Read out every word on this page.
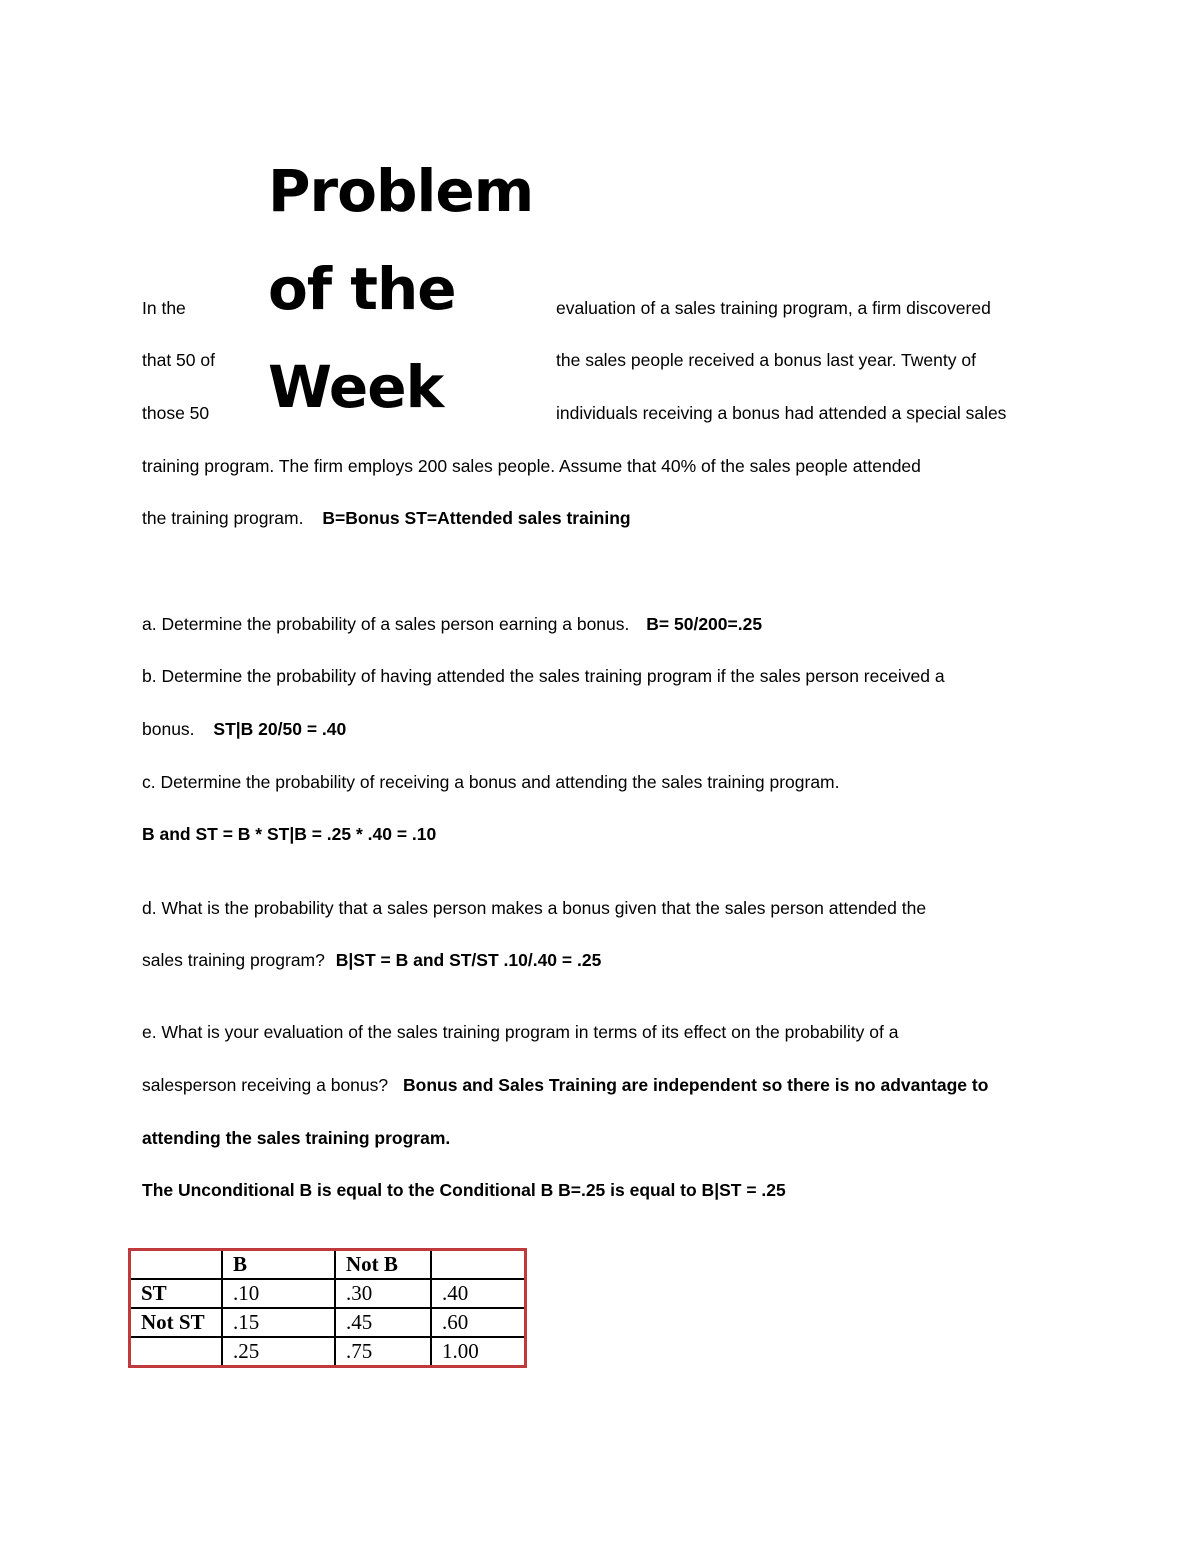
Problem
of the
Week

In the	evaluation of a sales training program, a firm discovered

that 50 of	the sales people received a bonus last year. Twenty of

those 50	individuals receiving a bonus had attended a special sales

training program. The firm employs 200 sales people. Assume that 40% of the sales people attended

the training program. B=Bonus ST=Attended sales training

a. Determine the probability of a sales person earning a bonus. B= 50/200=.25

b. Determine the probability of having attended the sales training program if the sales person received a

bonus. ST|B 20/50 = .40

c. Determine the probability of receiving a bonus and attending the sales training program.

B and ST = B * ST|B = .25 * .40 = .10

d. What is the probability that a sales person makes a bonus given that the sales person attended the

sales training program? B|ST = B and ST/ST .10/.40 = .25

e. What is your evaluation of the sales training program in terms of its effect on the probability of a

salesperson receiving a bonus? Bonus and Sales Training are independent so there is no advantage to

attending the sales training program.

The Unconditional B is equal to the Conditional B B=.25 is equal to B|ST = .25

	B	Not B	
ST	.10	.30	.40
Not ST	.15	.45	.60
	.25	.75	1.00
